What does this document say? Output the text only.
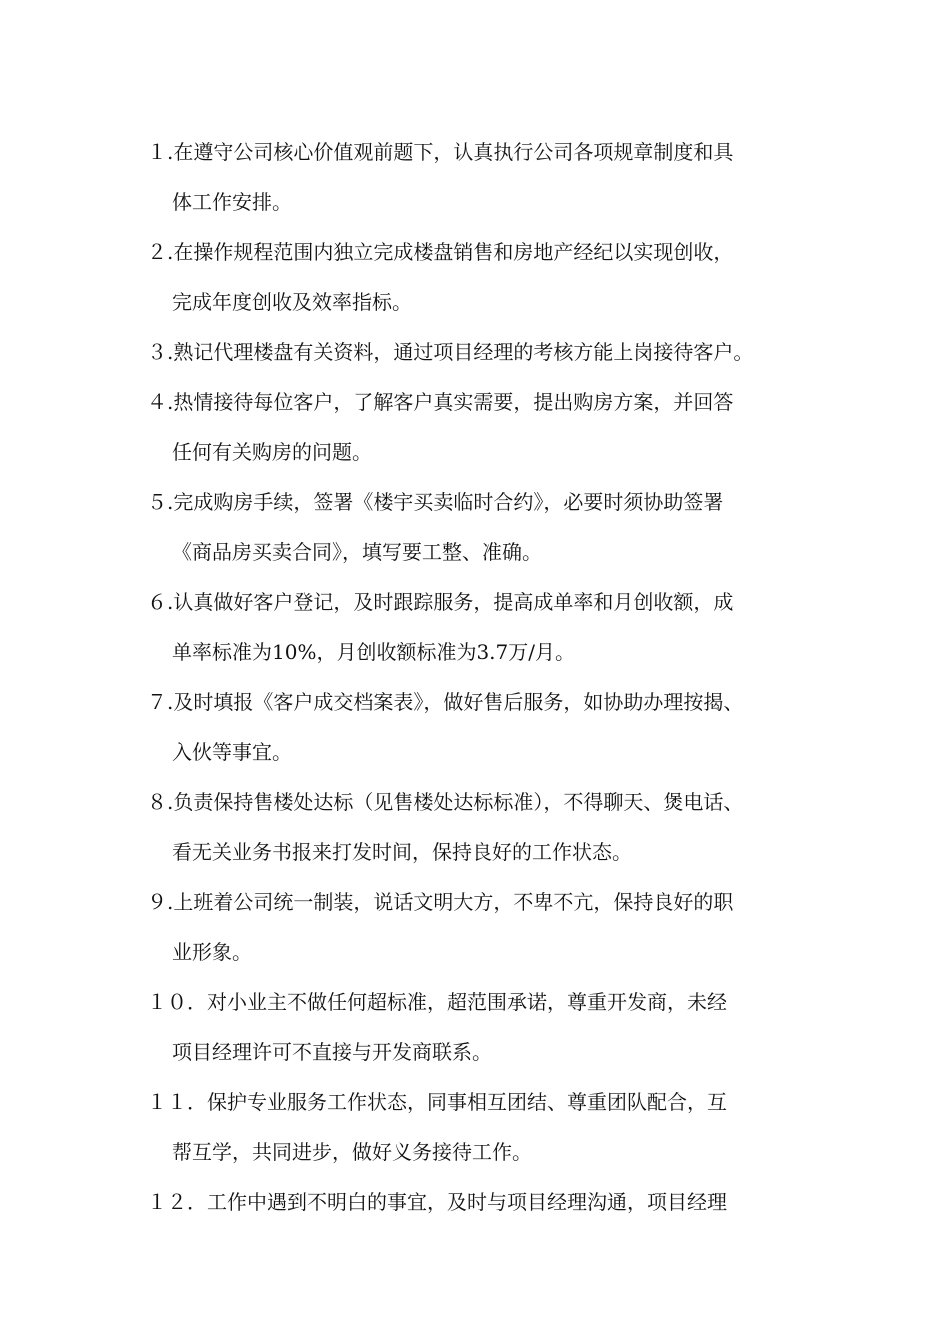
１.在遵守公司核心价值观前题下，认真执行公司各项规章制度和具
体工作安排。
２.在操作规程范围内独立完成楼盘销售和房地产经纪以实现创收，
完成年度创收及效率指标。
３.熟记代理楼盘有关资料，通过项目经理的考核方能上岗接待客户。
４.热情接待每位客户，了解客户真实需要，提出购房方案，并回答
任何有关购房的问题。
５.完成购房手续，签署《楼宇买卖临时合约》，必要时须协助签署
《商品房买卖合同》，填写要工整、准确。
６.认真做好客户登记，及时跟踪服务，提高成单率和月创收额，成
单率标准为10%，月创收额标准为3.7万/月。
７.及时填报《客户成交档案表》，做好售后服务，如协助办理按揭、
入伙等事宜。
８.负责保持售楼处达标（见售楼处达标标准），不得聊天、煲电话、
看无关业务书报来打发时间，保持良好的工作状态。
９.上班着公司统一制装，说话文明大方，不卑不亢，保持良好的职
业形象。
１０．对小业主不做任何超标准，超范围承诺，尊重开发商，未经
项目经理许可不直接与开发商联系。
１１．保护专业服务工作状态，同事相互团结、尊重团队配合，互
帮互学，共同进步，做好义务接待工作。
１２．工作中遇到不明白的事宜，及时与项目经理沟通，项目经理
